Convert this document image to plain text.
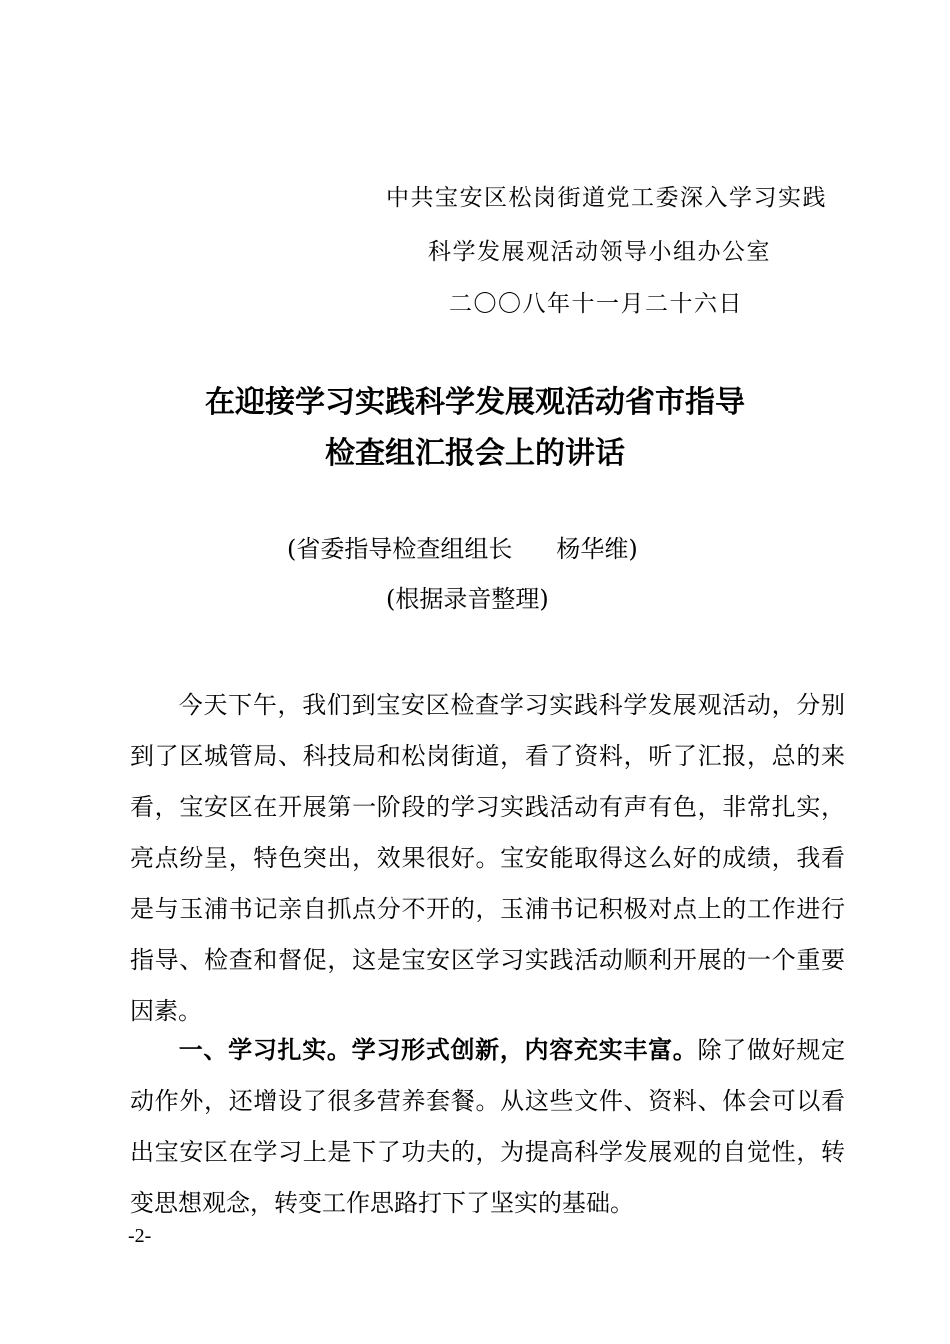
中共宝安区松岗街道党工委深入学习实践
科学发展观活动领导小组办公室
二〇〇八年十一月二十六日
在迎接学习实践科学发展观活动省市指导
检查组汇报会上的讲话
(省委指导检查组组长 杨华维)
(根据录音整理)
今天下午，我们到宝安区检查学习实践科学发展观活动，分别到了区城管局、科技局和松岗街道，看了资料，听了汇报，总的来看，宝安区在开展第一阶段的学习实践活动有声有色，非常扎实，亮点纷呈，特色突出，效果很好。宝安能取得这么好的成绩，我看是与玉浦书记亲自抓点分不开的，玉浦书记积极对点上的工作进行指导、检查和督促，这是宝安区学习实践活动顺利开展的一个重要因素。
一、学习扎实。学习形式创新，内容充实丰富。除了做好规定动作外，还增设了很多营养套餐。从这些文件、资料、体会可以看出宝安区在学习上是下了功夫的，为提高科学发展观的自觉性，转变思想观念，转变工作思路打下了坚实的基础。
-2-
